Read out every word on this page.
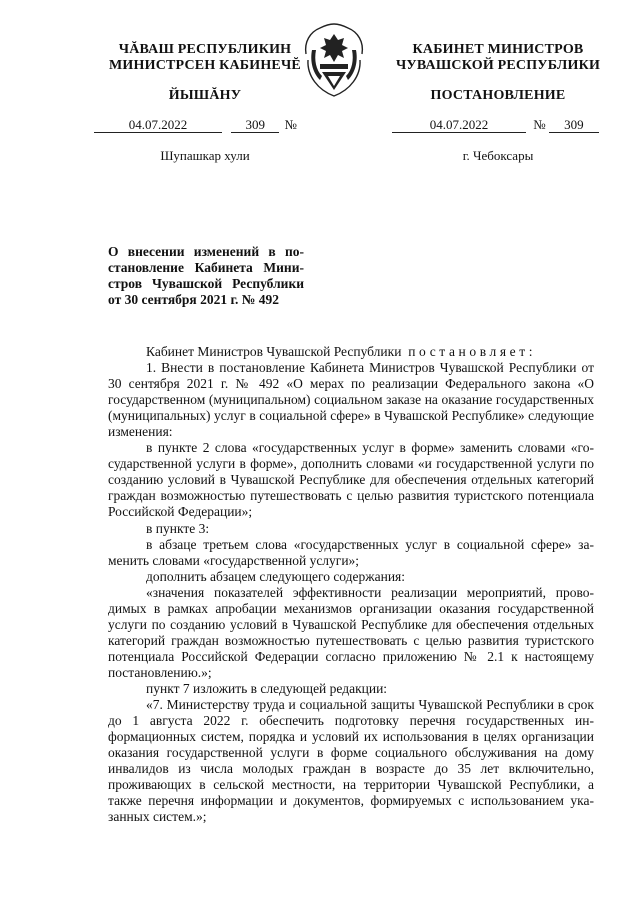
ЧĂВАШ РЕСПУБЛИКИН
МИНИСТРСЕН КАБИНЕЧĔ
ЙЫШĂНУ
04.07.2022	309 №
Шупашкар хули
КАБИНЕТ МИНИСТРОВ
ЧУВАШСКОЙ РЕСПУБЛИКИ
ПОСТАНОВЛЕНИЕ
04.07.2022	№ 309
г. Чебоксары
О внесении изменений в постановление Кабинета Министров Чувашской Республики от 30 сентября 2021 г. № 492

Кабинет Министров Чувашской Республики постановляет:

1. Внести в постановление Кабинета Министров Чувашской Республики от 30 сентября 2021 г. № 492 «О мерах по реализации Федерального закона «О государственном (муниципальном) социальном заказе на оказание государственных (муниципальных) услуг в социальной сфере» в Чувашской Республике» следующие изменения:

в пункте 2 слова «государственных услуг в форме» заменить словами «государственной услуги в форме», дополнить словами «и государственной услуги по созданию условий в Чувашской Республике для обеспечения отдельных категорий граждан возможностью путешествовать с целью развития туристского потенциала Российской Федерации»;

в пункте 3:

в абзаце третьем слова «государственных услуг в социальной сфере» заменить словами «государственной услуги»;

дополнить абзацем следующего содержания:

«значения показателей эффективности реализации мероприятий, проводимых в рамках апробации механизмов организации оказания государственной услуги по созданию условий в Чувашской Республике для обеспечения отдельных категорий граждан возможностью путешествовать с целью развития туристского потенциала Российской Федерации согласно приложению № 2.1 к настоящему постановлению.»;

пункт 7 изложить в следующей редакции:

«7. Министерству труда и социальной защиты Чувашской Республики в срок до 1 августа 2022 г. обеспечить подготовку перечня государственных информационных систем, порядка и условий их использования в целях организации оказания государственной услуги в форме социального обслуживания на дому инвалидов из числа молодых граждан в возрасте до 35 лет включительно, проживающих в сельской местности, на территории Чувашской Республики, а также перечня информации и документов, формируемых с использованием указанных систем.»;
